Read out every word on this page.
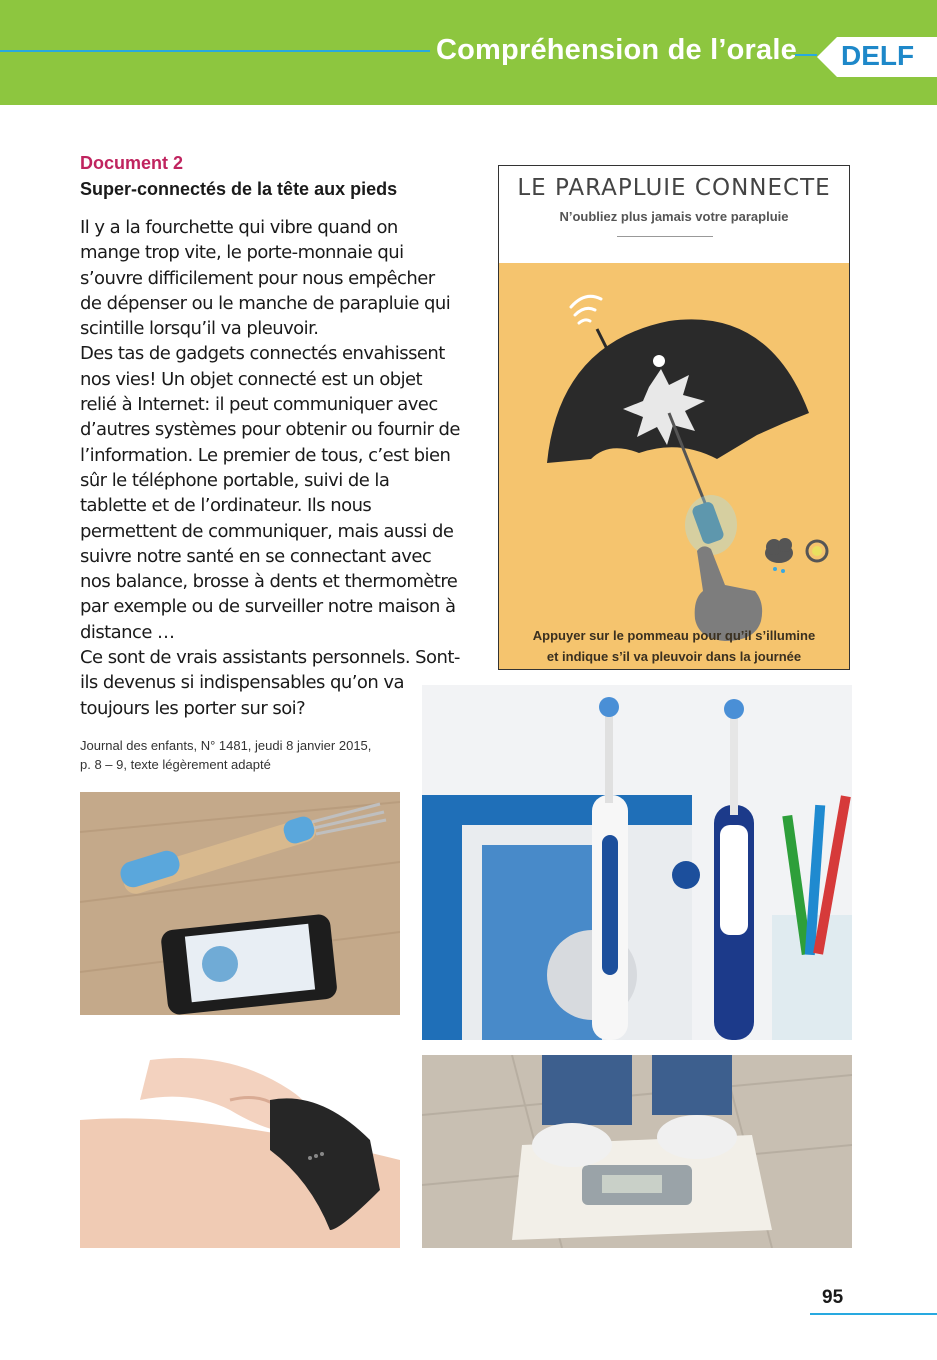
Compréhension de l’orale DELF
Document 2
Super-connectés de la tête aux pieds

Il y a la fourchette qui vibre quand on mange trop vite, le porte-monnaie qui s’ouvre difficilement pour nous empêcher de dépenser ou le manche de parapluie qui scintille lorsqu’il va pleuvoir.

Des tas de gadgets connectés envahissent nos vies! Un objet connecté est un objet relié à Internet: il peut communiquer avec d’autres systèmes pour obtenir ou fournir de l’information. Le premier de tous, c’est bien sûr le téléphone portable, suivi de la tablette et de l’ordinateur. Ils nous permettent de communiquer, mais aussi de suivre notre santé en se connectant avec nos balance, brosse à dents et thermomètre par exemple ou de surveiller notre maison à distance …

Ce sont de vrais assistants personnels. Sont-ils devenus si indispensables qu’on va toujours les porter sur soi?

Journal des enfants, N° 1481, jeudi 8 janvier 2015,
p. 8 – 9, texte légèrement adapté
LE PARAPLUIE CONNECTE
N’oubliez plus jamais votre parapluie
Appuyer sur le pommeau pour qu’il s’illumine
et indique s’il va pleuvoir dans la journée
95
